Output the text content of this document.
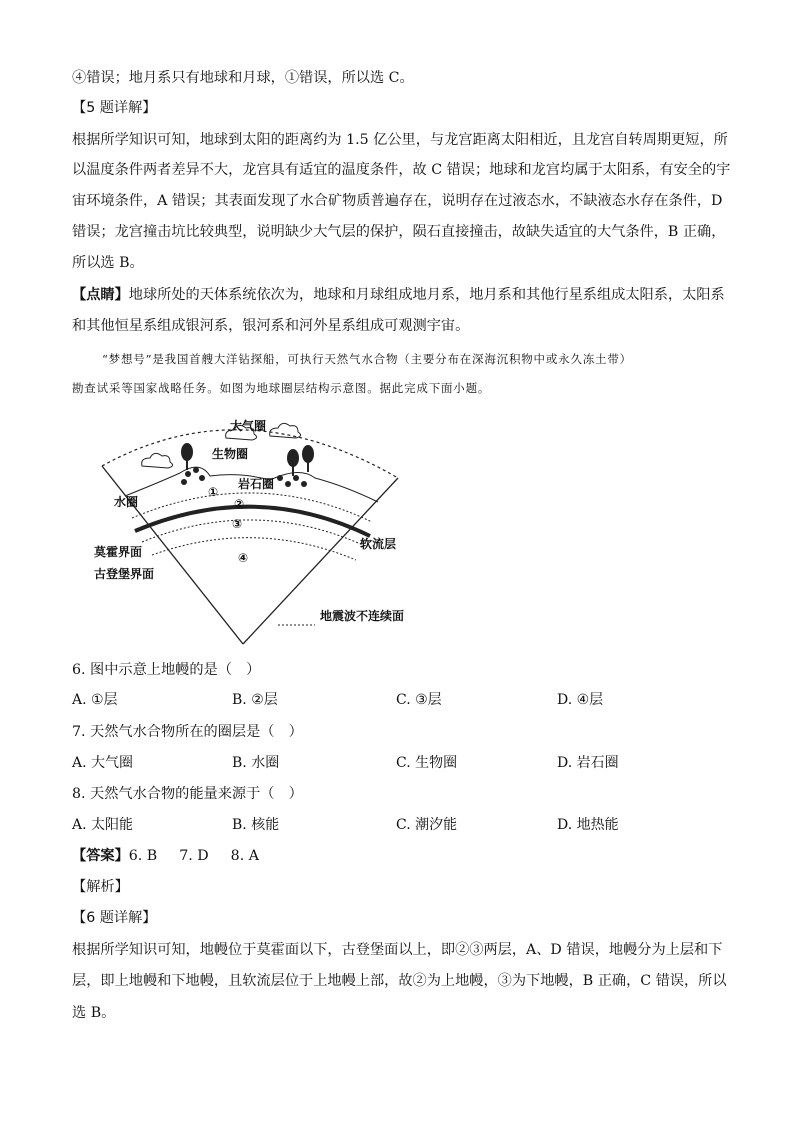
④错误；地月系只有地球和月球，①错误，所以选 C。

【5 题详解】

根据所学知识可知，地球到太阳的距离约为 1.5 亿公里，与龙宫距离太阳相近，且龙宫自转周期更短，所

以温度条件两者差异不大，龙宫具有适宜的温度条件，故 C 错误；地球和龙宫均属于太阳系，有安全的宇

宙环境条件，A 错误；其表面发现了水合矿物质普遍存在，说明存在过液态水，不缺液态水存在条件，D

错误；龙宫撞击坑比较典型，说明缺少大气层的保护，陨石直接撞击，故缺失适宜的大气条件，B 正确，

所以选 B。

【点睛】地球所处的天体系统依次为，地球和月球组成地月系，地月系和其他行星系组成太阳系，太阳系

和其他恒星系组成银河系，银河系和河外星系组成可观测宇宙。

“梦想号”是我国首艘大洋钻探船，可执行天然气水合物（主要分布在深海沉积物中或永久冻土带）

勘查试采等国家战略任务。如图为地球圈层结构示意图。据此完成下面小题。

大气圈
生物圈
岩石圈
水圈
软流层
莫霍界面
古登堡界面
地震波不连续面
①
②
③
④

6. 图中示意上地幔的是（　）

A. ①层	B. ②层	C. ③层	D. ④层

7. 天然气水合物所在的圈层是（　）

A. 大气圈	B. 水圈	C. 生物圈	D. 岩石圈

8. 天然气水合物的能量来源于（　）

A. 太阳能	B. 核能	C. 潮汐能	D. 地热能

【答案】6. B 7. D 8. A

【解析】

【6 题详解】

根据所学知识可知，地幔位于莫霍面以下，古登堡面以上，即②③两层，A、D 错误，地幔分为上层和下

层，即上地幔和下地幔，且软流层位于上地幔上部，故②为上地幔，③为下地幔，B 正确，C 错误，所以

选 B。
